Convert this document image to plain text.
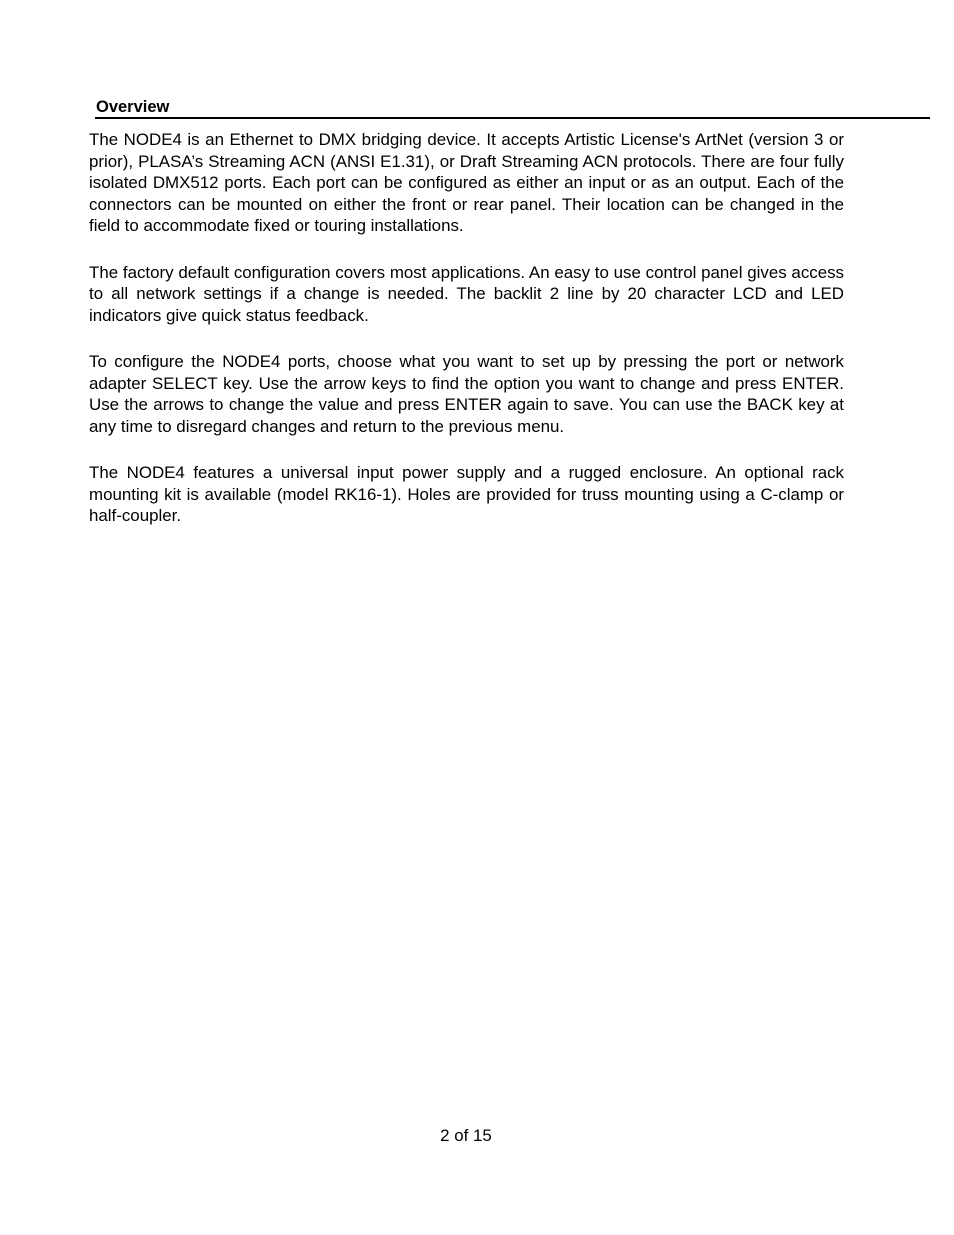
Overview

The NODE4 is an Ethernet to DMX bridging device. It accepts Artistic License's ArtNet (version 3 or prior), PLASA’s Streaming ACN (ANSI E1.31), or Draft Streaming ACN protocols. There are four fully isolated DMX512 ports. Each port can be configured as either an input or as an output. Each of the connectors can be mounted on either the front or rear panel. Their location can be changed in the field to accommodate fixed or touring installations.

The factory default configuration covers most applications. An easy to use control panel gives access to all network settings if a change is needed. The backlit 2 line by 20 character LCD and LED indicators give quick status feedback.

To configure the NODE4 ports, choose what you want to set up by pressing the port or network adapter SELECT key. Use the arrow keys to find the option you want to change and press ENTER. Use the arrows to change the value and press ENTER again to save. You can use the BACK key at any time to disregard changes and return to the previous menu.

The NODE4 features a universal input power supply and a rugged enclosure. An optional rack mounting kit is available (model RK16-1). Holes are provided for truss mounting using a C-clamp or half-coupler.

2 of 15
